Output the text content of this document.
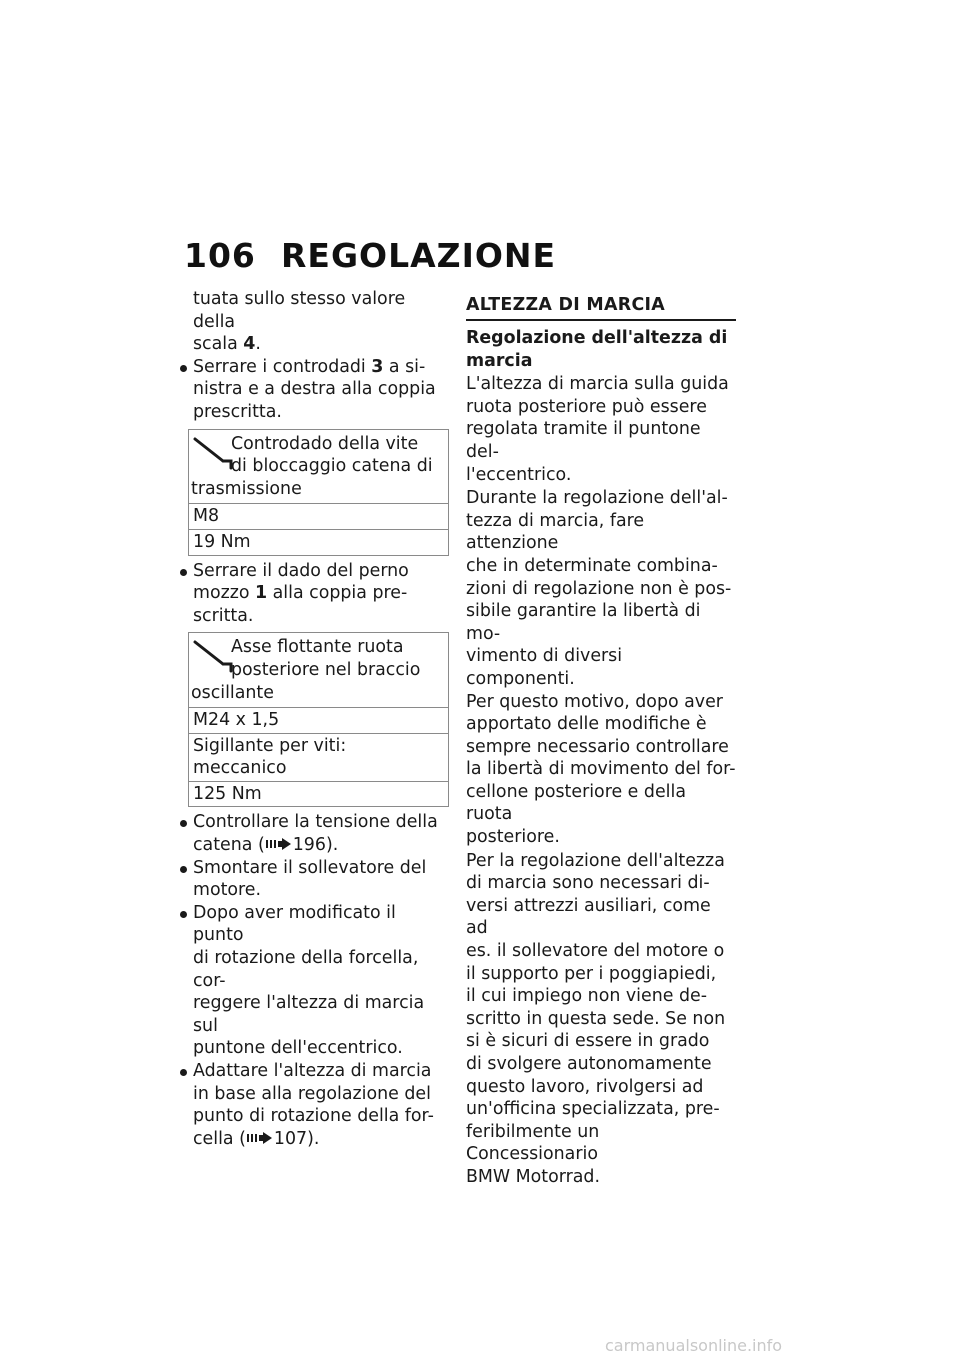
106 REGOLAZIONE
tuata sullo stesso valore della
scala 4.
Serrare i controdadi 3 a si-
nistra e a destra alla coppia
prescritta.
Controdado della vite
di bloccaggio catena di
trasmissione
M8
19 Nm
Serrare il dado del perno
mozzo 1 alla coppia pre-
scritta.
Asse flottante ruota
posteriore nel braccio
oscillante
M24 x 1,5
Sigillante per viti: meccanico
125 Nm
Controllare la tensione della
catena ( 196).
Smontare il sollevatore del
motore.
Dopo aver modificato il punto
di rotazione della forcella, cor-
reggere l'altezza di marcia sul
puntone dell'eccentrico.
Adattare l'altezza di marcia
in base alla regolazione del
punto di rotazione della for-
cella ( 107).
ALTEZZA DI MARCIA
Regolazione dell'altezza di
marcia
L'altezza di marcia sulla guida
ruota posteriore può essere
regolata tramite il puntone del-
l'eccentrico.
Durante la regolazione dell'al-
tezza di marcia, fare attenzione
che in determinate combina-
zioni di regolazione non è pos-
sibile garantire la libertà di mo-
vimento di diversi componenti.
Per questo motivo, dopo aver
apportato delle modifiche è
sempre necessario controllare
la libertà di movimento del for-
cellone posteriore e della ruota
posteriore.
Per la regolazione dell'altezza
di marcia sono necessari di-
versi attrezzi ausiliari, come ad
es. il sollevatore del motore o
il supporto per i poggiapiedi,
il cui impiego non viene de-
scritto in questa sede. Se non
si è sicuri di essere in grado
di svolgere autonomamente
questo lavoro, rivolgersi ad
un'officina specializzata, pre-
feribilmente un Concessionario
BMW Motorrad.
carmanualsonline.info
